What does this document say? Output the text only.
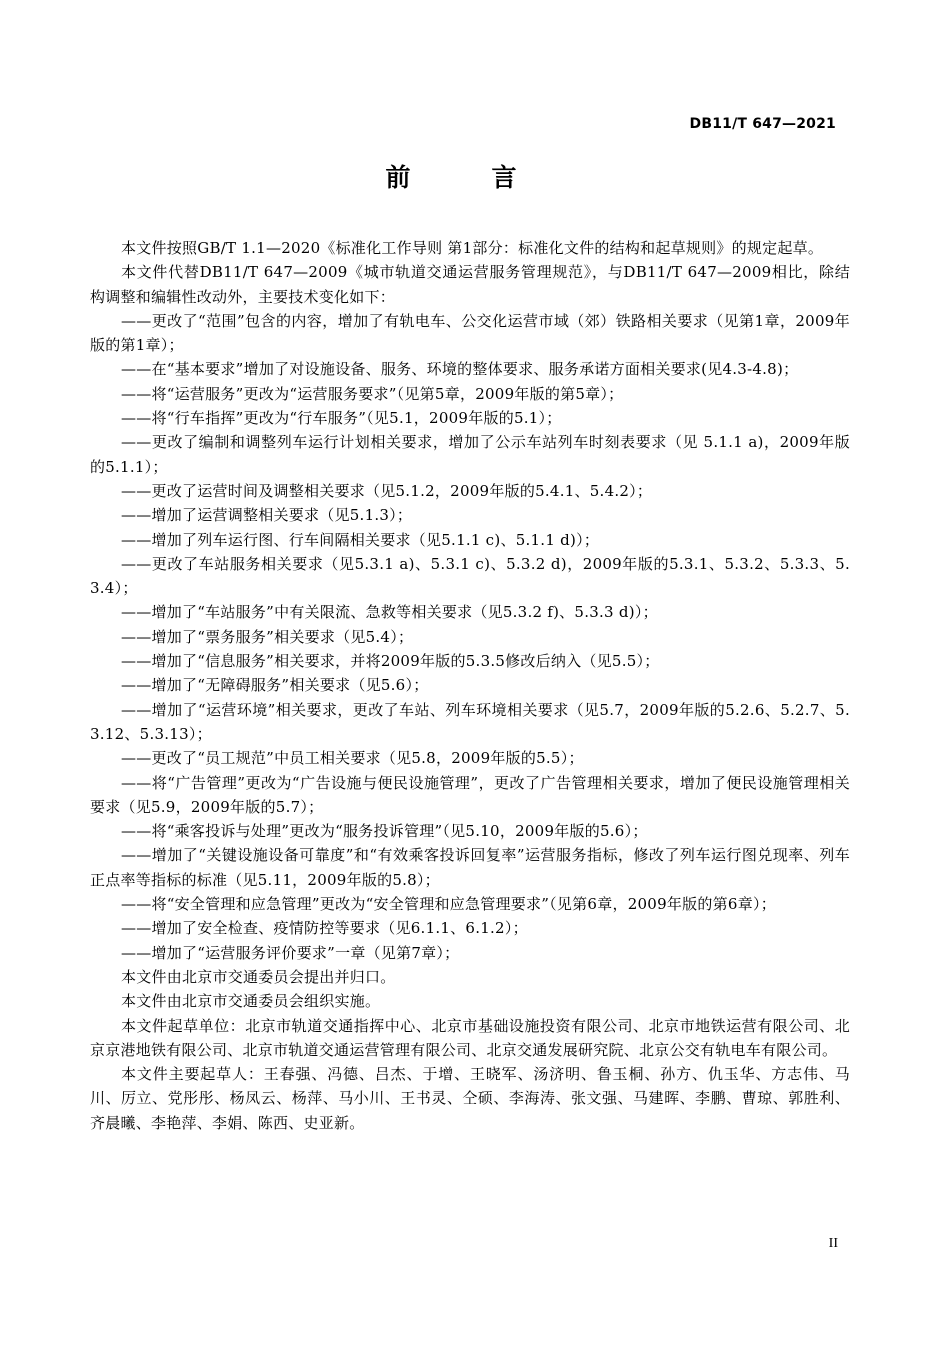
DB11/T 647—2021
前　言

本文件按照GB/T 1.1—2020《标准化工作导则 第1部分：标准化文件的结构和起草规则》的规定起草。

本文件代替DB11/T 647—2009《城市轨道交通运营服务管理规范》，与DB11/T 647—2009相比，除结构调整和编辑性改动外，主要技术变化如下：

——更改了“范围”包含的内容，增加了有轨电车、公交化运营市域（郊）铁路相关要求（见第1章，2009年版的第1章）；

——在“基本要求”增加了对设施设备、服务、环境的整体要求、服务承诺方面相关要求(见4.3-4.8)；

——将“运营服务”更改为“运营服务要求”（见第5章，2009年版的第5章）；

——将“行车指挥”更改为“行车服务”（见5.1，2009年版的5.1）；

——更改了编制和调整列车运行计划相关要求，增加了公示车站列车时刻表要求（见 5.1.1 a)，2009年版的5.1.1）；

——更改了运营时间及调整相关要求（见5.1.2，2009年版的5.4.1、5.4.2）；

——增加了运营调整相关要求（见5.1.3）；

——增加了列车运行图、行车间隔相关要求（见5.1.1 c)、5.1.1 d)）；

——更改了车站服务相关要求（见5.3.1 a)、5.3.1 c)、5.3.2 d)，2009年版的5.3.1、5.3.2、5.3.3、5.3.4）；

——增加了“车站服务”中有关限流、急救等相关要求（见5.3.2 f)、5.3.3 d)）；

——增加了“票务服务”相关要求（见5.4）；

——增加了“信息服务”相关要求，并将2009年版的5.3.5修改后纳入（见5.5）；

——增加了“无障碍服务”相关要求（见5.6）；

——增加了“运营环境”相关要求，更改了车站、列车环境相关要求（见5.7，2009年版的5.2.6、5.2.7、5.3.12、5.3.13）；

——更改了“员工规范”中员工相关要求（见5.8，2009年版的5.5）；

——将“广告管理”更改为“广告设施与便民设施管理”，更改了广告管理相关要求，增加了便民设施管理相关要求（见5.9，2009年版的5.7）；

——将“乘客投诉与处理”更改为“服务投诉管理”（见5.10，2009年版的5.6）；

——增加了“关键设施设备可靠度”和“有效乘客投诉回复率”运营服务指标，修改了列车运行图兑现率、列车正点率等指标的标准（见5.11，2009年版的5.8）；

——将“安全管理和应急管理”更改为“安全管理和应急管理要求”（见第6章，2009年版的第6章）；

——增加了安全检查、疫情防控等要求（见6.1.1、6.1.2）；

——增加了“运营服务评价要求”一章（见第7章）；

本文件由北京市交通委员会提出并归口。

本文件由北京市交通委员会组织实施。

本文件起草单位：北京市轨道交通指挥中心、北京市基础设施投资有限公司、北京市地铁运营有限公司、北京京港地铁有限公司、北京市轨道交通运营管理有限公司、北京交通发展研究院、北京公交有轨电车有限公司。

本文件主要起草人：王春强、冯德、吕杰、于增、王晓军、汤济明、鲁玉桐、孙方、仇玉华、方志伟、马川、厉立、党彤彤、杨凤云、杨萍、马小川、王书灵、仝硕、李海涛、张文强、马建晖、李鹏、曹琼、郭胜利、齐晨曦、李艳萍、李娟、陈西、史亚新。

II
